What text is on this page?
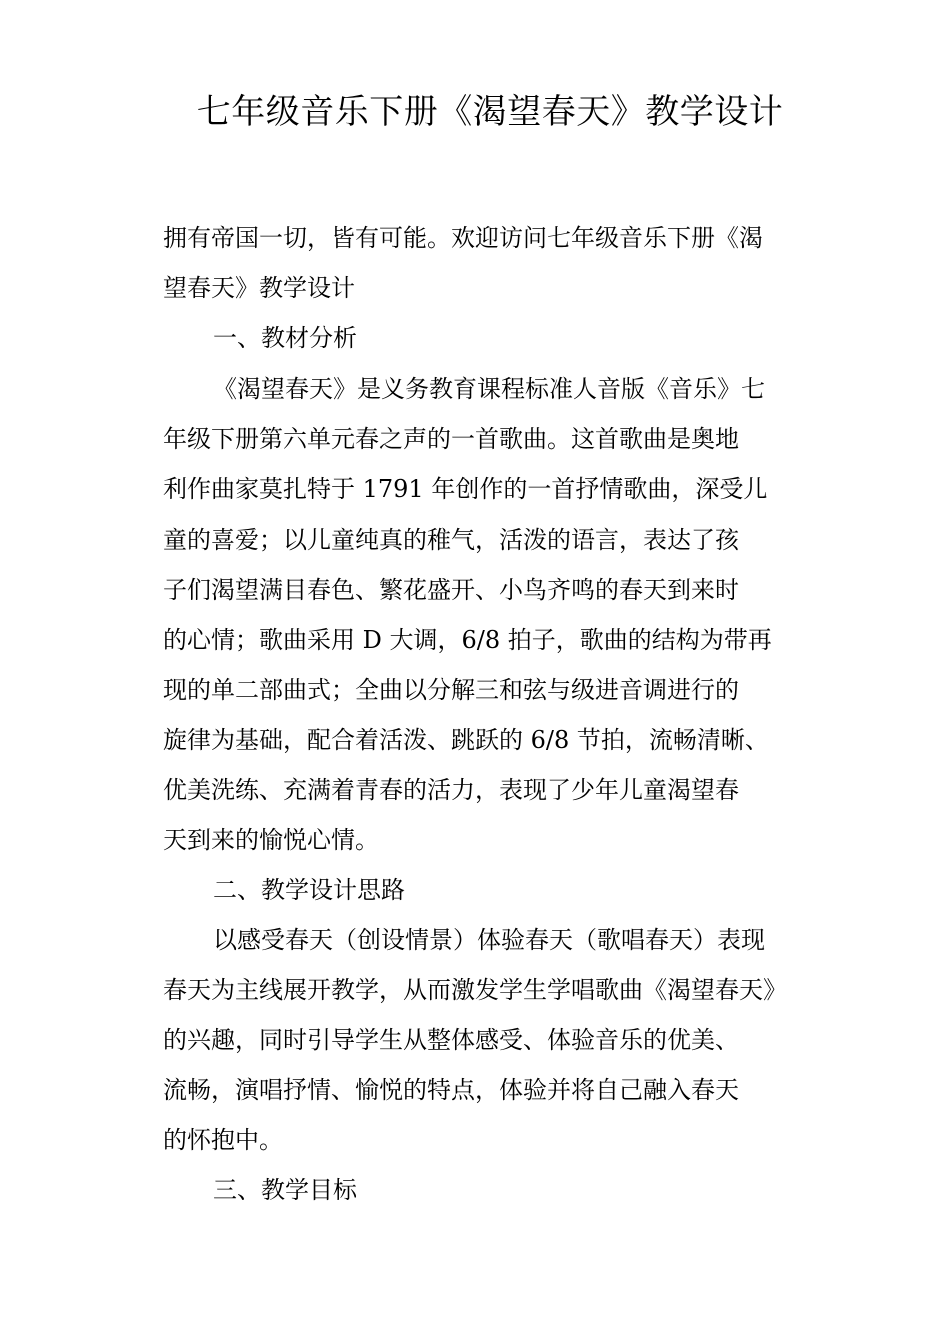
七年级音乐下册《渴望春天》教学设计

拥有帝国一切，皆有可能。欢迎访问七年级音乐下册《渴

望春天》教学设计

一、教材分析

《渴望春天》是义务教育课程标准人音版《音乐》七

年级下册第六单元春之声的一首歌曲。这首歌曲是奥地

利作曲家莫扎特于 1791 年创作的一首抒情歌曲，深受儿

童的喜爱；以儿童纯真的稚气，活泼的语言，表达了孩

子们渴望满目春色、繁花盛开、小鸟齐鸣的春天到来时

的心情；歌曲采用 D 大调，6/8 拍子，歌曲的结构为带再

现的单二部曲式；全曲以分解三和弦与级进音调进行的

旋律为基础，配合着活泼、跳跃的 6/8 节拍，流畅清晰、

优美洗练、充满着青春的活力，表现了少年儿童渴望春

天到来的愉悦心情。

二、教学设计思路

以感受春天（创设情景）体验春天（歌唱春天）表现

春天为主线展开教学，从而激发学生学唱歌曲《渴望春天》

的兴趣，同时引导学生从整体感受、体验音乐的优美、

流畅，演唱抒情、愉悦的特点，体验并将自己融入春天

的怀抱中。

三、教学目标
